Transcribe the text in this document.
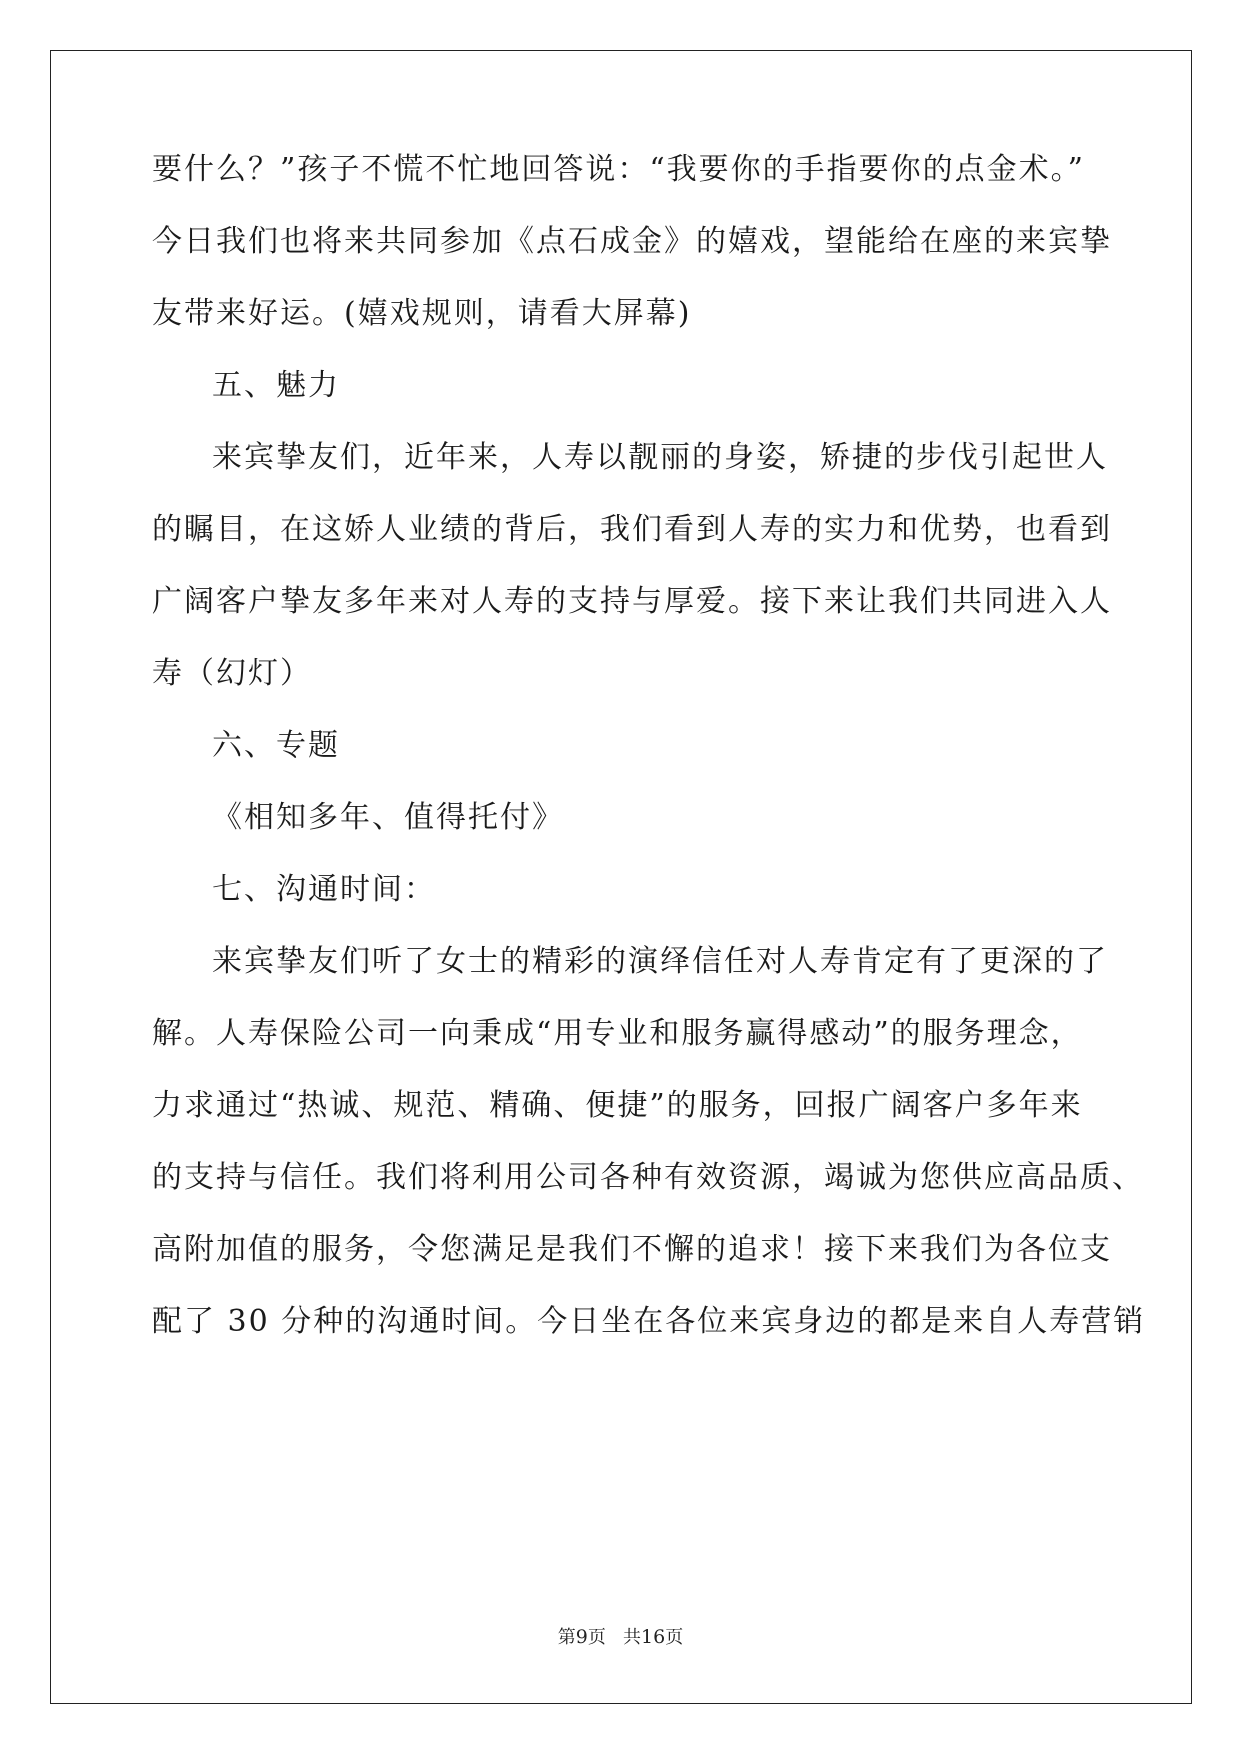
要什么？”孩子不慌不忙地回答说：“我要你的手指要你的点金术。”
今日我们也将来共同参加《点石成金》的嬉戏，望能给在座的来宾挚
友带来好运。(嬉戏规则，请看大屏幕)
五、魅力
来宾挚友们，近年来，人寿以靓丽的身姿，矫捷的步伐引起世人
的瞩目，在这娇人业绩的背后，我们看到人寿的实力和优势，也看到
广阔客户挚友多年来对人寿的支持与厚爱。接下来让我们共同进入人
寿（幻灯）
六、专题
《相知多年、值得托付》
七、沟通时间：
来宾挚友们听了女士的精彩的演绎信任对人寿肯定有了更深的了
解。人寿保险公司一向秉成“用专业和服务赢得感动”的服务理念，
力求通过“热诚、规范、精确、便捷”的服务，回报广阔客户多年来
的支持与信任。我们将利用公司各种有效资源，竭诚为您供应高品质、
高附加值的服务，令您满足是我们不懈的追求！接下来我们为各位支
配了 30 分种的沟通时间。今日坐在各位来宾身边的都是来自人寿营销
第9页 共16页
